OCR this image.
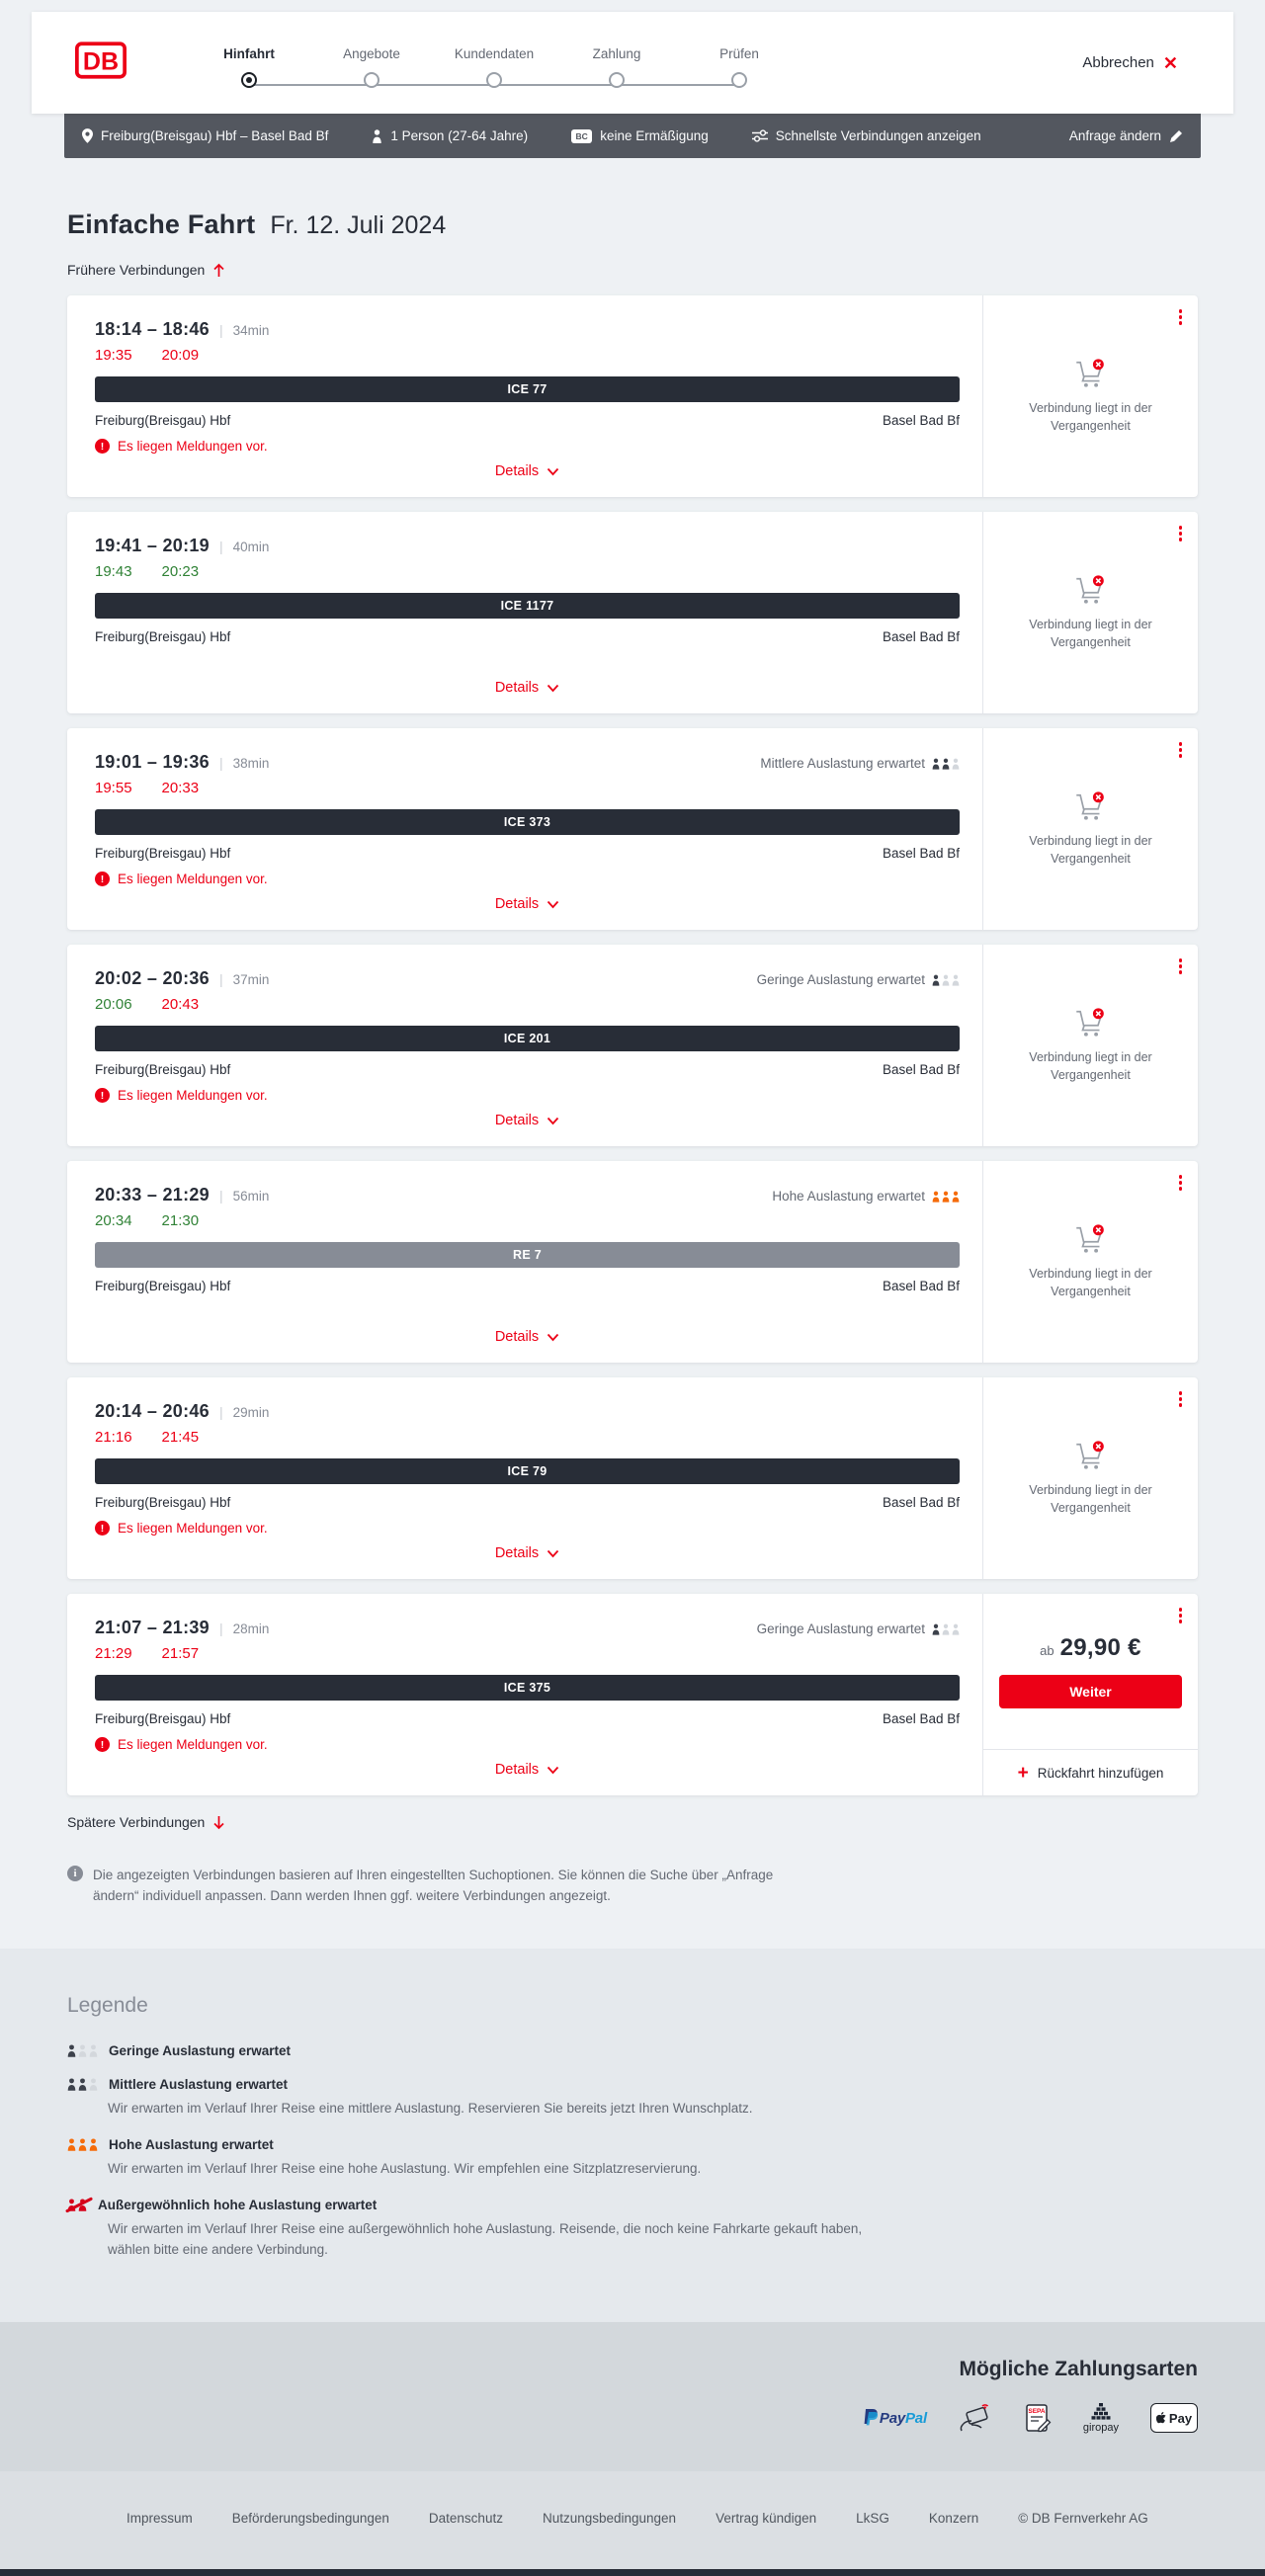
DB	Hinfahrt	Angebote	Kundendaten	Zahlung	Prüfen
Abbrechen ✕
Freiburg(Breisgau) Hbf – Basel Bad Bf	1 Person (27-64 Jahre)	BC keine Ermäßigung	Schnellste Verbindungen anzeigen	Anfrage ändern
Einfache Fahrt Fr. 12. Juli 2024
Frühere Verbindungen
18:14 – 18:46 | 34min
19:35 20:09
ICE 77
Freiburg(Breisgau) Hbf	Basel Bad Bf
!	Es liegen Meldungen vor.
Details

Verbindung liegt in der Vergangenheit

19:41 – 20:19 | 40min
19:43 20:23
ICE 1177
Freiburg(Breisgau) Hbf	Basel Bad Bf
Details

Verbindung liegt in der Vergangenheit

19:01 – 19:36 | 38min	Mittlere Auslastung erwartet
19:55 20:33
ICE 373
Freiburg(Breisgau) Hbf	Basel Bad Bf
!	Es liegen Meldungen vor.
Details

Verbindung liegt in der Vergangenheit

20:02 – 20:36 | 37min	Geringe Auslastung erwartet
20:06 20:43
ICE 201
Freiburg(Breisgau) Hbf	Basel Bad Bf
!	Es liegen Meldungen vor.
Details

Verbindung liegt in der Vergangenheit

20:33 – 21:29 | 56min	Hohe Auslastung erwartet
20:34 21:30
RE 7
Freiburg(Breisgau) Hbf	Basel Bad Bf
Details

Verbindung liegt in der Vergangenheit

20:14 – 20:46 | 29min
21:16 21:45
ICE 79
Freiburg(Breisgau) Hbf	Basel Bad Bf
!	Es liegen Meldungen vor.
Details

Verbindung liegt in der Vergangenheit

21:07 – 21:39 | 28min	Geringe Auslastung erwartet
21:29 21:57
ICE 375
Freiburg(Breisgau) Hbf	Basel Bad Bf
!	Es liegen Meldungen vor.
Details
ab 29,90 €
Weiter
+ Rückfahrt hinzufügen
Spätere Verbindungen
i	Die angezeigten Verbindungen basieren auf Ihren eingestellten Suchoptionen. Sie können die Suche über „Anfrage ändern“ individuell anpassen. Dann werden Ihnen ggf. weitere Verbindungen angezeigt.

Legende
Geringe Auslastung erwartet
Mittlere Auslastung erwartet

Wir erwarten im Verlauf Ihrer Reise eine mittlere Auslastung. Reservieren Sie bereits jetzt Ihren Wunschplatz.

Hohe Auslastung erwartet

Wir erwarten im Verlauf Ihrer Reise eine hohe Auslastung. Wir empfehlen eine Sitzplatzreservierung.

Außergewöhnlich hohe Auslastung erwartet

Wir erwarten im Verlauf Ihrer Reise eine außergewöhnlich hohe Auslastung. Reisende, die noch keine Fahrkarte gekauft haben, wählen bitte eine andere Verbindung.

Mögliche Zahlungsarten
PayPal	SEPA
giropay
Pay
Impressum	Beförderungsbedingungen	Datenschutz	Nutzungsbedingungen	Vertrag kündigen	LkSG	Konzern	© DB Fernverkehr AG
